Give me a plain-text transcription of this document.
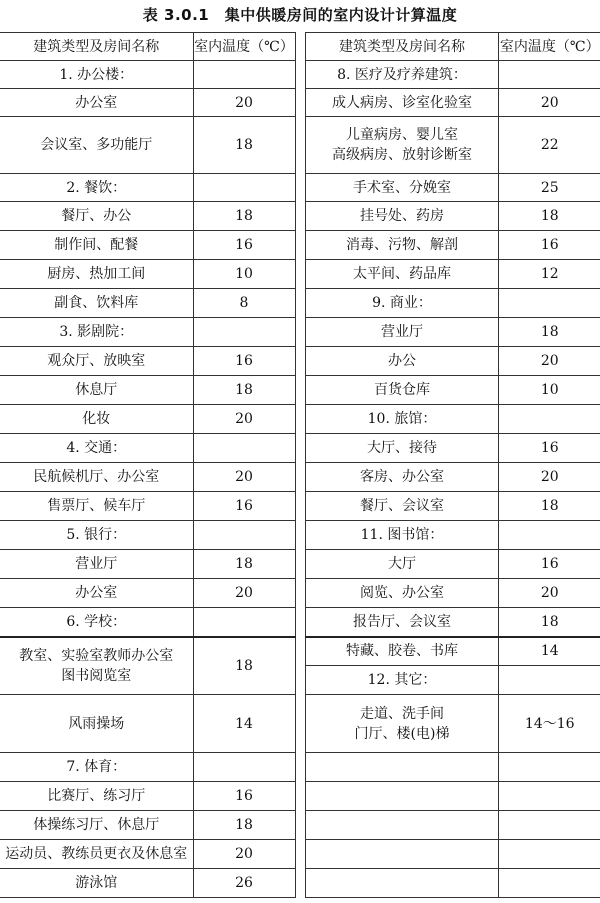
表 3.0.1　集中供暖房间的室内设计计算温度
建筑类型及房间名称	室内温度（℃）
1. 办公楼：	
办公室	20
会议室、多功能厅	18
2. 餐饮：	
餐厅、办公	18
制作间、配餐	16
厨房、热加工间	10
副食、饮料库	8
3. 影剧院：	
观众厅、放映室	16
休息厅	18
化妆	20
4. 交通：	
民航候机厅、办公室	20
售票厅、候车厅	16
5. 银行：	
营业厅	18
办公室	20
6. 学校：	
教室、实验室教师办公室
图书阅览室	18
风雨操场	14
7. 体育：	
比赛厅、练习厅	16
体操练习厅、休息厅	18
运动员、教练员更衣及休息室	20
游泳馆	26
建筑类型及房间名称	室内温度（℃）
8. 医疗及疗养建筑：	
成人病房、诊室化验室	20
儿童病房、婴儿室
高级病房、放射诊断室	22
手术室、分娩室	25
挂号处、药房	18
消毒、污物、解剖	16
太平间、药品库	12
9. 商业：	
营业厅	18
办公	20
百货仓库	10
10. 旅馆：	
大厅、接待	16
客房、办公室	20
餐厅、会议室	18
11. 图书馆：	
大厅	16
阅览、办公室	20
报告厅、会议室	18
特藏、胶卷、书库	14
12. 其它：	
走道、洗手间
门厅、楼(电)梯	14～16
